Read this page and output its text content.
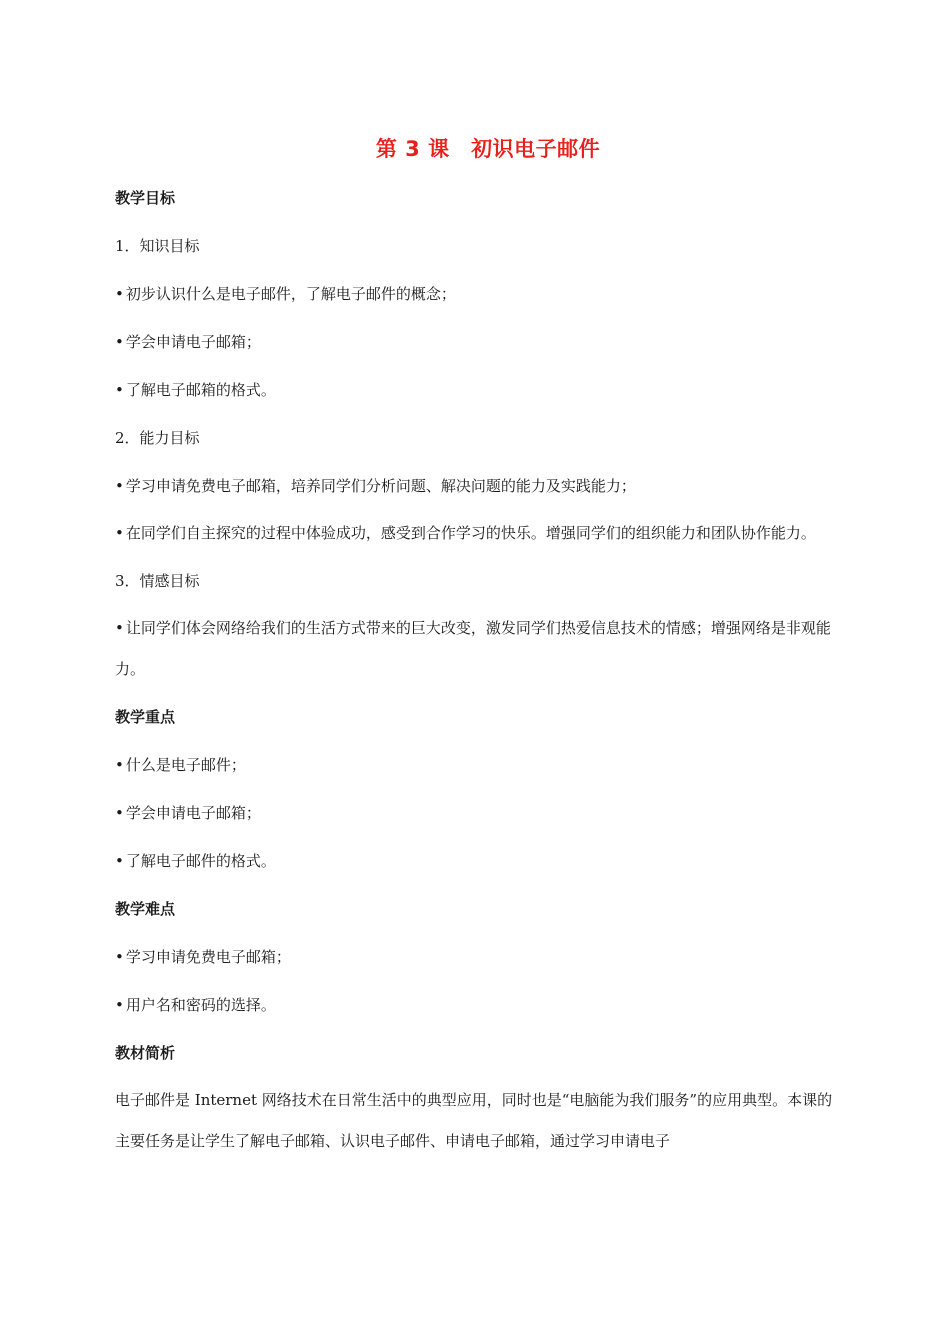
第 3 课　初识电子邮件
教学目标
1．知识目标
• 初步认识什么是电子邮件，了解电子邮件的概念；
• 学会申请电子邮箱；
• 了解电子邮箱的格式。
2．能力目标
• 学习申请免费电子邮箱，培养同学们分析问题、解决问题的能力及实践能力；
• 在同学们自主探究的过程中体验成功，感受到合作学习的快乐。增强同学们的组织能力和团队协作能力。
3．情感目标
• 让同学们体会网络给我们的生活方式带来的巨大改变，激发同学们热爱信息技术的情感；增强网络是非观能力。
教学重点
• 什么是电子邮件；
• 学会申请电子邮箱；
• 了解电子邮件的格式。
教学难点
• 学习申请免费电子邮箱；
• 用户名和密码的选择。
教材简析
电子邮件是 Internet 网络技术在日常生活中的典型应用，同时也是“电脑能为我们服务”的应用典型。本课的主要任务是让学生了解电子邮箱、认识电子邮件、申请电子邮箱，通过学习申请电子
